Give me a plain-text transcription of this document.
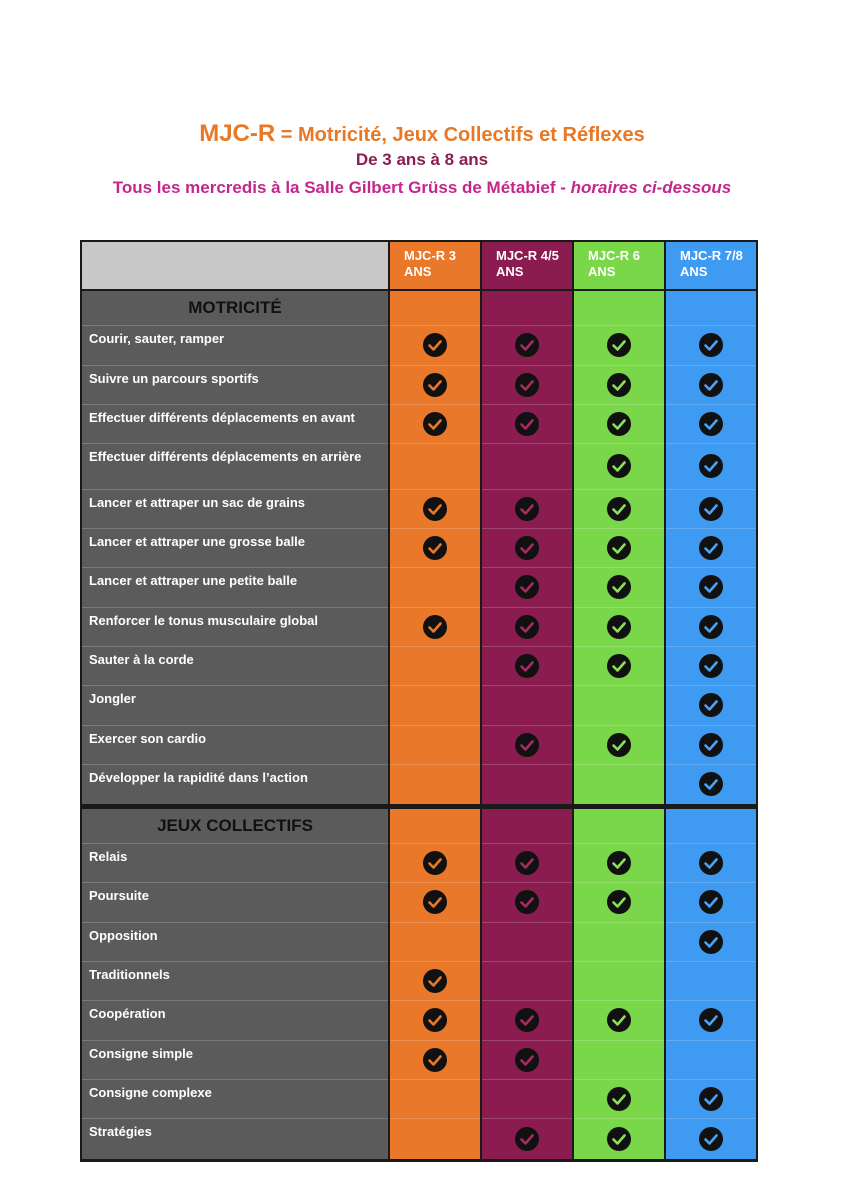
MJC-R = Motricité, Jeux Collectifs et Réflexes
De 3 ans à 8 ans
Tous les mercredis à la Salle Gilbert Grüss de Métabief - horaires ci-dessous
MJC-R 3 ANS
MJC-R 4/5 ANS
MJC-R 6 ANS
MJC-R 7/8 ANS
MOTRICITÉ
Courir, sauter, ramper
Suivre un parcours sportifs
Effectuer différents déplacements en avant
Effectuer différents déplacements en arrière
Lancer et attraper un sac de grains
Lancer et attraper une grosse balle
Lancer et attraper une petite balle
Renforcer le tonus musculaire global
Sauter à la corde
Jongler
Exercer son cardio
Développer la rapidité dans l’action
JEUX COLLECTIFS
Relais
Poursuite
Opposition
Traditionnels
Coopération
Consigne simple
Consigne complexe
Stratégies
